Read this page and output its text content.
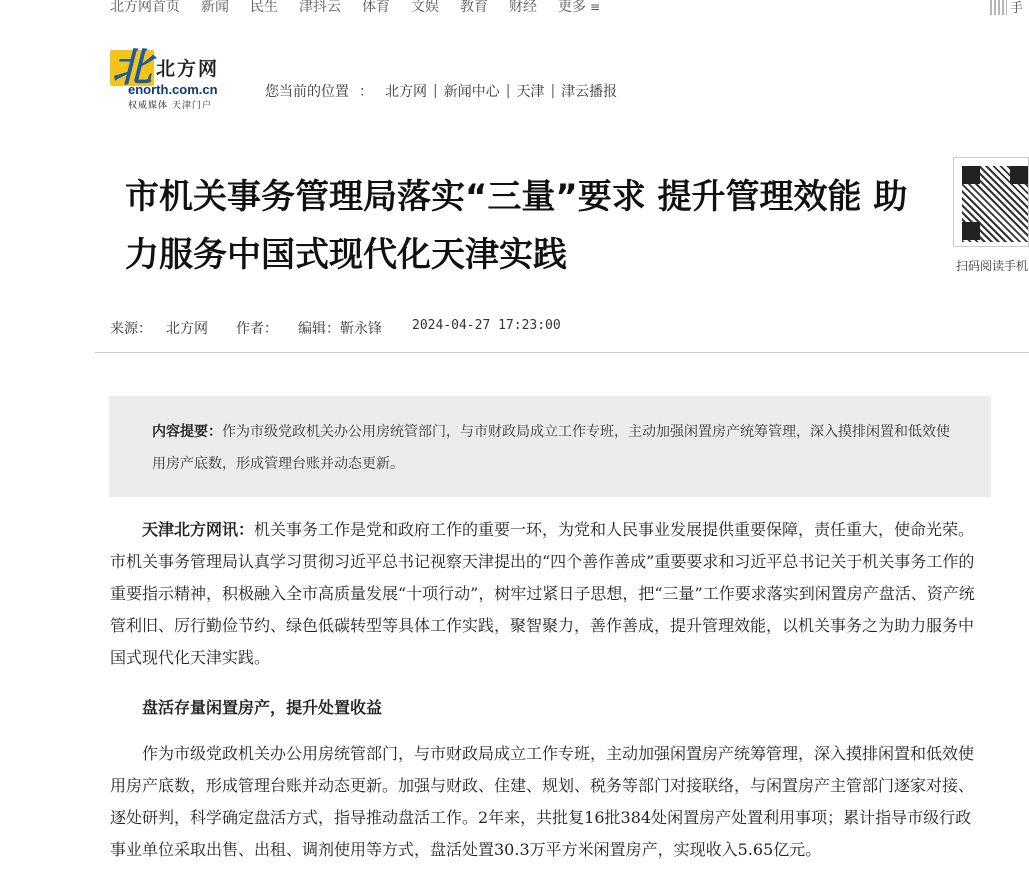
北方网首页 新闻 民生 津抖云 体育 文娱 教育 财经 更多 ≡	手
北 北方网
enorth.com.cn
权威媒体 天津门户
您当前的位置 ： 北方网 | 新闻中心 | 天津 | 津云播报
市机关事务管理局落实“三量”要求 提升管理效能 助力服务中国式现代化天津实践	扫码阅读手机
来源： 北方网 作者： 编辑：靳永锋 2024-04-27 17:23:00

内容提要：作为市级党政机关办公用房统管部门，与市财政局成立工作专班，主动加强闲置房产统筹管理，深入摸排闲置和低效使用房产底数，形成管理台账并动态更新。

天津北方网讯：机关事务工作是党和政府工作的重要一环，为党和人民事业发展提供重要保障，责任重大，使命光荣。市机关事务管理局认真学习贯彻习近平总书记视察天津提出的“四个善作善成”重要要求和习近平总书记关于机关事务工作的重要指示精神，积极融入全市高质量发展“十项行动”，树牢过紧日子思想，把“三量”工作要求落实到闲置房产盘活、资产统管利旧、厉行勤俭节约、绿色低碳转型等具体工作实践，聚智聚力，善作善成，提升管理效能，以机关事务之为助力服务中国式现代化天津实践。

盘活存量闲置房产，提升处置收益

作为市级党政机关办公用房统管部门，与市财政局成立工作专班，主动加强闲置房产统筹管理，深入摸排闲置和低效使用房产底数，形成管理台账并动态更新。加强与财政、住建、规划、税务等部门对接联络，与闲置房产主管部门逐家对接、逐处研判，科学确定盘活方式，指导推动盘活工作。2年来，共批复16批384处闲置房产处置利用事项；累计指导市级行政事业单位采取出售、出租、调剂使用等方式，盘活处置30.3万平方米闲置房产，实现收入5.65亿元。
